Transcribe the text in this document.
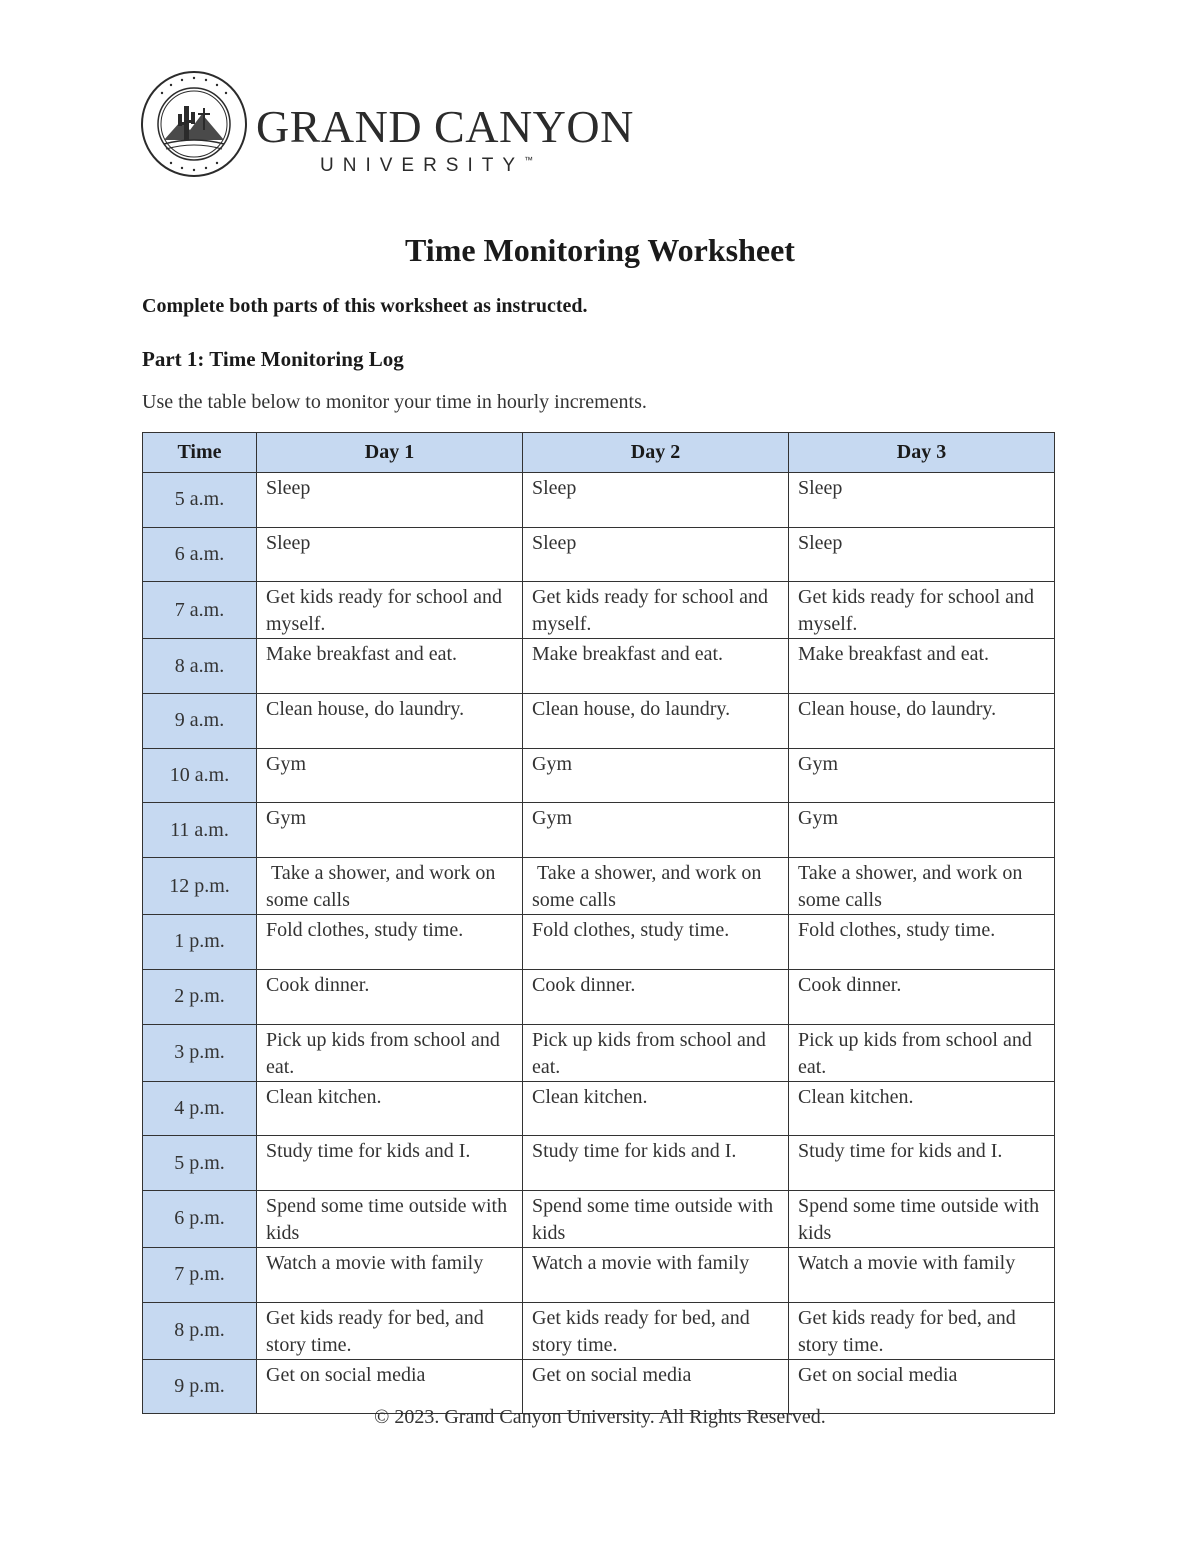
GRAND CANYON
UNIVERSITY™
Time Monitoring Worksheet

Complete both parts of this worksheet as instructed.

Part 1: Time Monitoring Log

Use the table below to monitor your time in hourly increments.

Time	Day 1	Day 2	Day 3
5 a.m.	Sleep	Sleep	Sleep
6 a.m.	Sleep	Sleep	Sleep
7 a.m.	Get kids ready for school and myself.	Get kids ready for school and myself.	Get kids ready for school and myself.
8 a.m.	Make breakfast and eat.	Make breakfast and eat.	Make breakfast and eat.
9 a.m.	Clean house, do laundry.	Clean house, do laundry.	Clean house, do laundry.
10 a.m.	Gym	Gym	Gym
11 a.m.	Gym	Gym	Gym
12 p.m.	Take a shower, and work on some calls	Take a shower, and work on some calls	Take a shower, and work on some calls
1 p.m.	Fold clothes, study time.	Fold clothes, study time.	Fold clothes, study time.
2 p.m.	Cook dinner.	Cook dinner.	Cook dinner.
3 p.m.	Pick up kids from school and eat.	Pick up kids from school and eat.	Pick up kids from school and eat.
4 p.m.	Clean kitchen.	Clean kitchen.	Clean kitchen.
5 p.m.	Study time for kids and I.	Study time for kids and I.	Study time for kids and I.
6 p.m.	Spend some time outside with kids	Spend some time outside with kids	Spend some time outside with kids
7 p.m.	Watch a movie with family	Watch a movie with family	Watch a movie with family
8 p.m.	Get kids ready for bed, and story time.	Get kids ready for bed, and story time.	Get kids ready for bed, and story time.
9 p.m.	Get on social media	Get on social media	Get on social media

© 2023. Grand Canyon University. All Rights Reserved.
